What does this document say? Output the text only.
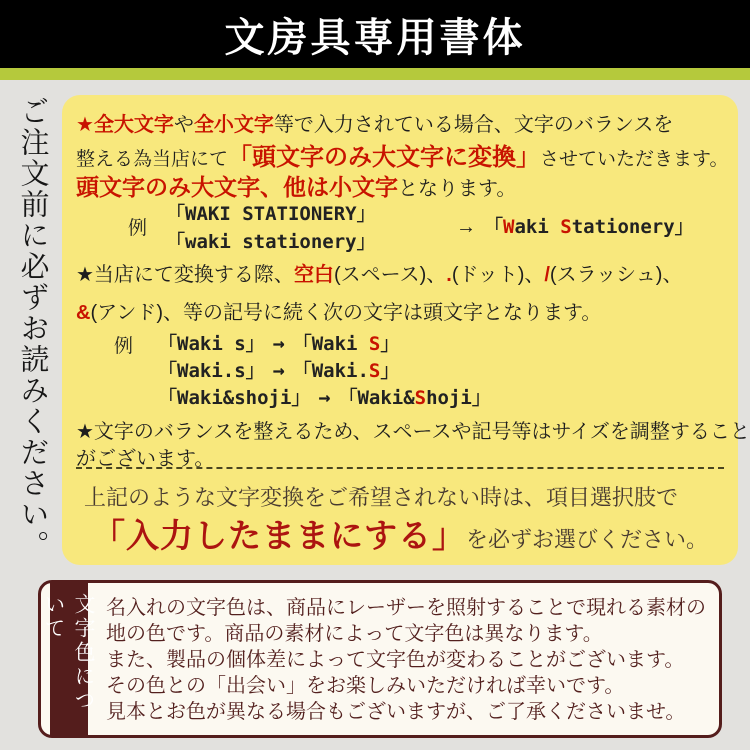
文房具専用書体
ご注文前に必ずお読みください。 ★全大文字や全小文字等で入力されている場合、文字のバランスを
整える為当店にて「頭文字のみ大文字に変換」させていただきます。
頭文字のみ大文字、他は小文字となります。
例
「WAKI STATIONERY」
「waki stationery」
→ 「Waki Stationery」
★当店にて変換する際、空白(スペース)、.(ドット)、/(スラッシュ)、
&(アンド)、等の記号に続く次の文字は頭文字となります。
例 「Waki s」 → 「Waki S」
「Waki.s」 → 「Waki.S」
「Waki&shoji」 → 「Waki&Shoji」
★文字のバランスを整えるため、スペースや記号等はサイズを調整すること
がございます。
上記のような文字変換をご希望されない時は、項目選択肢で
「入力したままにする」を必ずお選びください。
文字色について	名入れの文字色は、商品にレーザーを照射することで現れる素材の
地の色です。商品の素材によって文字色は異なります。
また、製品の個体差によって文字色が変わることがございます。
その色との「出会い」をお楽しみいただければ幸いです。
見本とお色が異なる場合もございますが、ご了承くださいませ。
